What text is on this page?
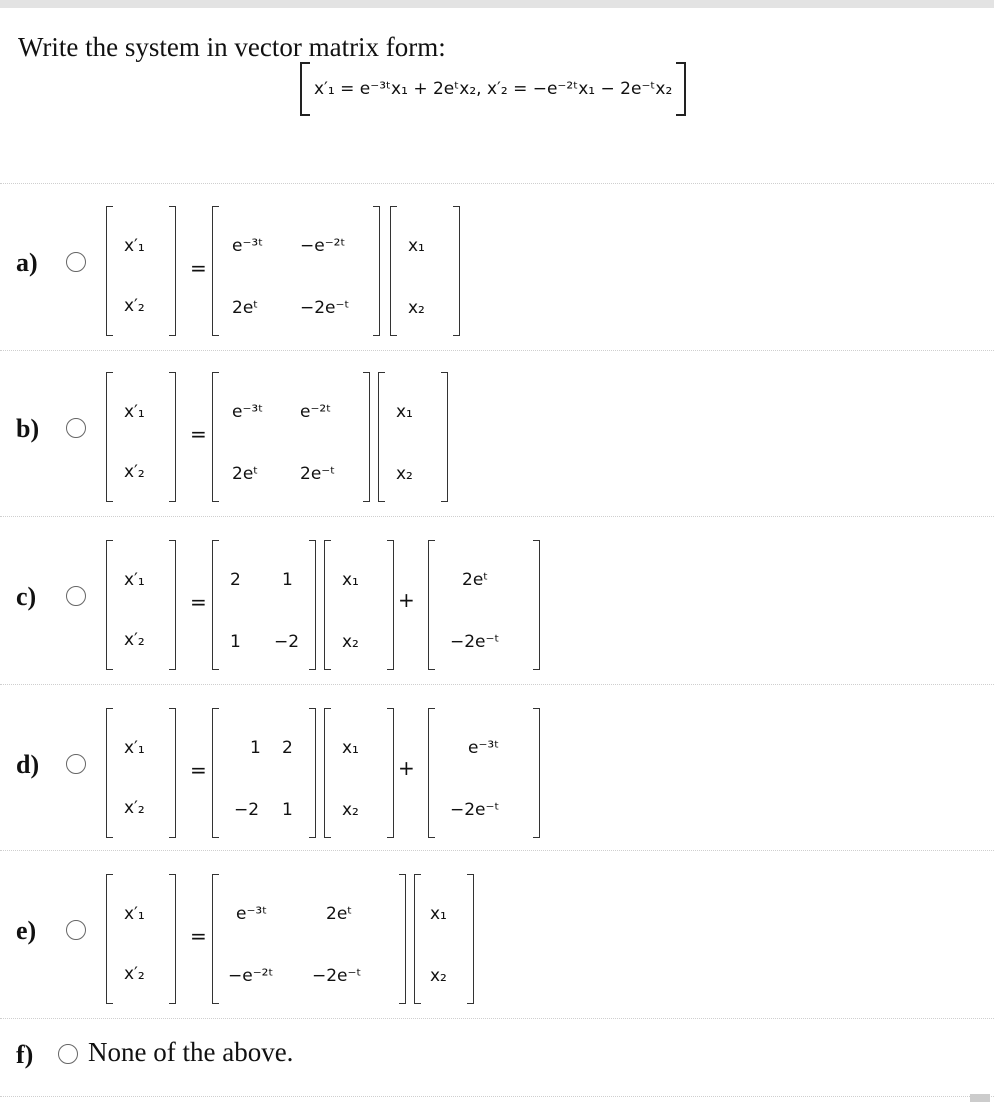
Write the system in vector matrix form:
x′₁ = e⁻³ᵗx₁ + 2eᵗx₂, x′₂ = −e⁻²ᵗx₁ − 2e⁻ᵗx₂
a)
x′₁
x′₂
=
e⁻³ᵗ −e⁻²ᵗ
2eᵗ −2e⁻ᵗ
x₁
x₂
b)
x′₁
x′₂
=
e⁻³ᵗ e⁻²ᵗ
2eᵗ 2e⁻ᵗ
x₁
x₂
c)
x′₁
x′₂
=
2 1
1 −2
x₁
x₂
+
2eᵗ
−2e⁻ᵗ
d)
x′₁
x′₂
=
1 2
−2 1
x₁
x₂
+
e⁻³ᵗ
−2e⁻ᵗ
e)
x′₁
x′₂
=
e⁻³ᵗ	2eᵗ
−e⁻²ᵗ −2e⁻ᵗ
x₁
x₂
f) None of the above.
